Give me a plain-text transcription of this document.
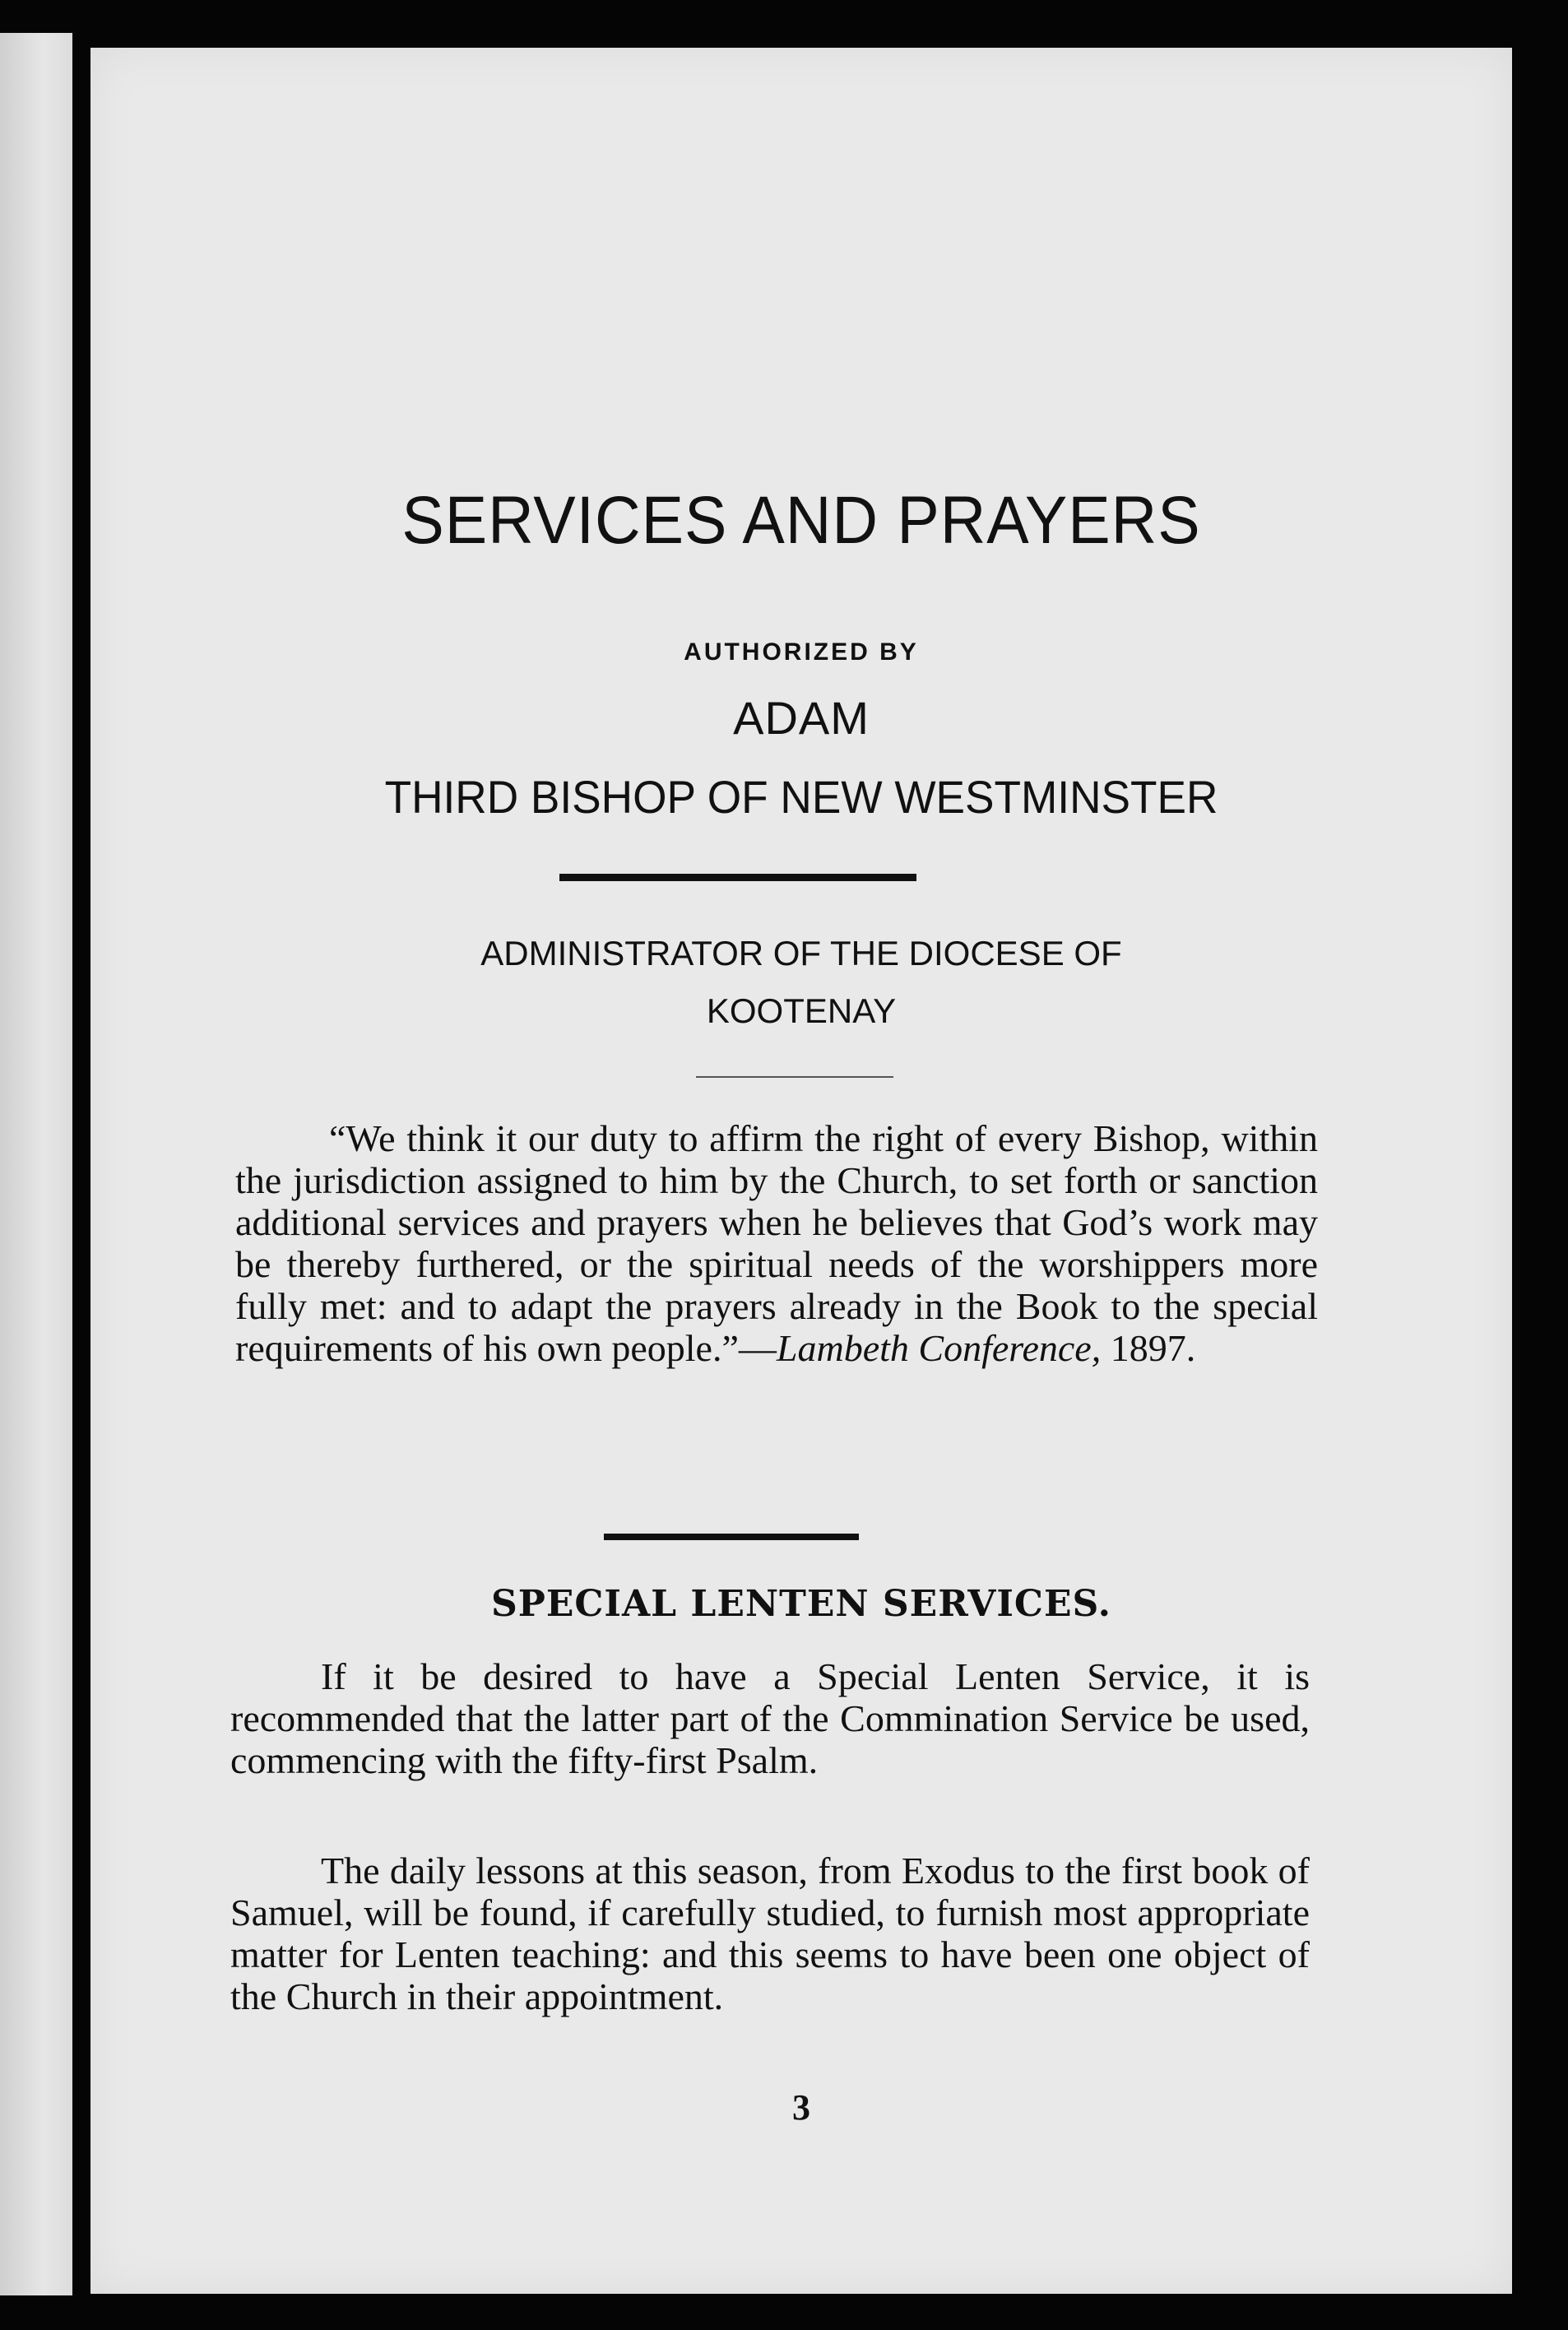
SERVICES AND PRAYERS
AUTHORIZED BY
ADAM
THIRD BISHOP OF NEW WESTMINSTER
ADMINISTRATOR OF THE DIOCESE OF
KOOTENAY
“We think it our duty to affirm the right of every Bishop, within the jurisdiction assigned to him by the Church, to set forth or sanction additional services and prayers when he believes that God’s work may be thereby furthered, or the spiritual needs of the worshippers more fully met: and to adapt the prayers already in the Book to the special requirements of his own people.”—Lambeth Conference, 1897.
SPECIAL LENTEN SERVICES.
If it be desired to have a Special Lenten Service, it is recommended that the latter part of the Commination Service be used, commencing with the fifty-first Psalm.
The daily lessons at this season, from Exodus to the first book of Samuel, will be found, if carefully studied, to furnish most appropriate matter for Lenten teaching: and this seems to have been one object of the Church in their appointment.
3
